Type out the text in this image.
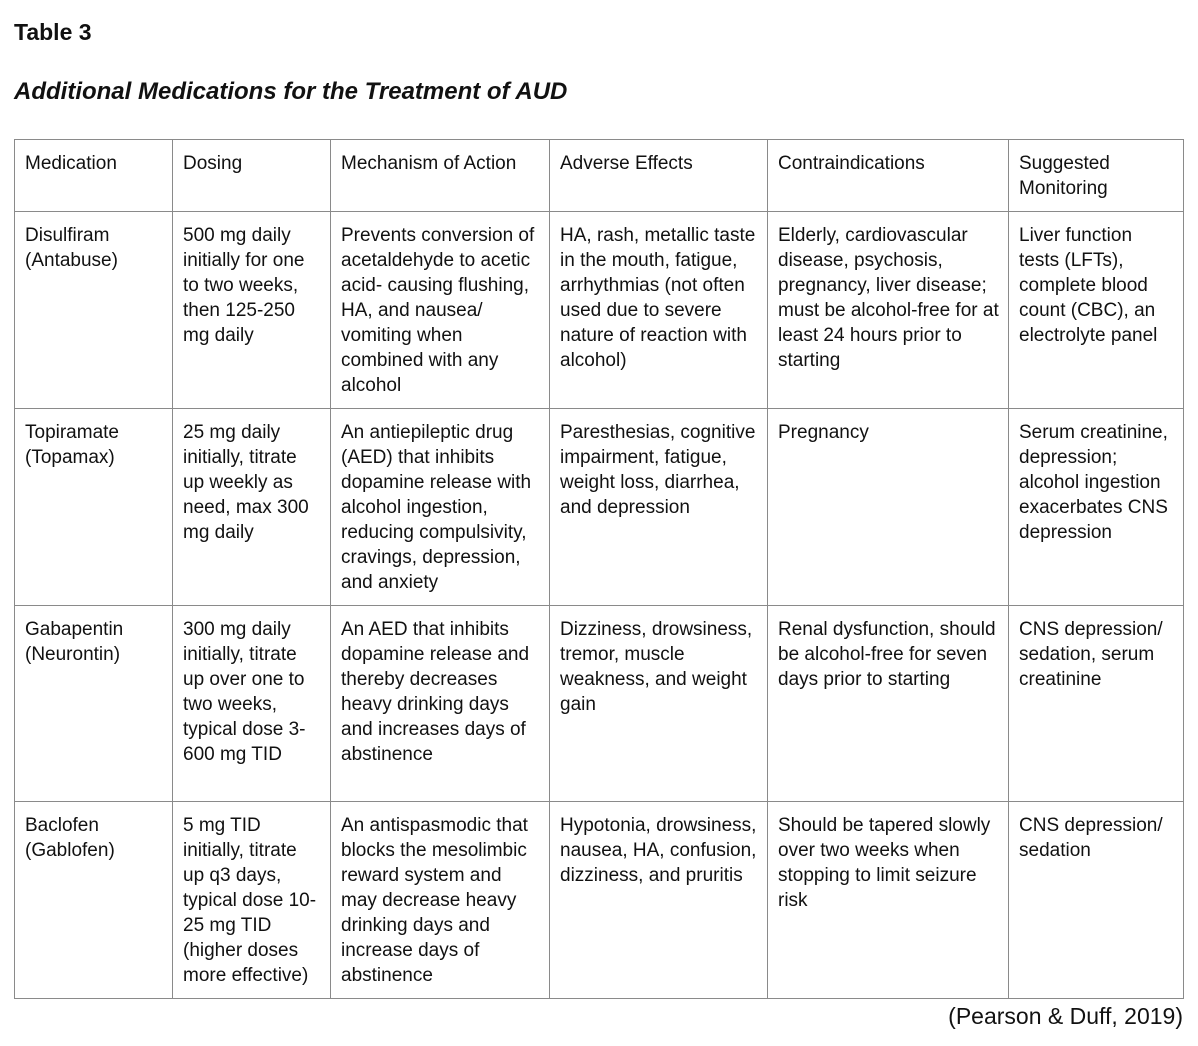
Table 3
Additional Medications for the Treatment of AUD
Medication	Dosing	Mechanism of Action	Adverse Effects	Contraindications	Suggested Monitoring
Disulfiram (Antabuse)	500 mg daily initially for one to two weeks, then 125-250 mg daily	Prevents conversion of acetaldehyde to acetic acid- causing flushing, HA, and nausea/ vomiting when combined with any alcohol	HA, rash, metallic taste in the mouth, fatigue, arrhythmias (not often used due to severe nature of reaction with alcohol)	Elderly, cardiovascular disease, psychosis, pregnancy, liver disease; must be alcohol-free for at least 24 hours prior to starting	Liver function tests (LFTs), complete blood count (CBC), an electrolyte panel
Topiramate (Topamax)	25 mg daily initially, titrate up weekly as need, max 300 mg daily	An antiepileptic drug (AED) that inhibits dopamine release with alcohol ingestion, reducing compulsivity, cravings, depression, and anxiety	Paresthesias, cognitive impairment, fatigue, weight loss, diarrhea, and depression	Pregnancy	Serum creatinine, depression; alcohol ingestion exacerbates CNS depression
Gabapentin (Neurontin)	300 mg daily initially, titrate up over one to two weeks, typical dose 3-600 mg TID	An AED that inhibits dopamine release and thereby decreases heavy drinking days and increases days of abstinence	Dizziness, drowsiness, tremor, muscle weakness, and weight gain	Renal dysfunction, should be alcohol-free for seven days prior to starting	CNS depression/ sedation, serum creatinine
Baclofen (Gablofen)	5 mg TID initially, titrate up q3 days, typical dose 10-25 mg TID (higher doses more effective)	An antispasmodic that blocks the mesolimbic reward system and may decrease heavy drinking days and increase days of abstinence	Hypotonia, drowsiness, nausea, HA, confusion, dizziness, and pruritis	Should be tapered slowly over two weeks when stopping to limit seizure risk	CNS depression/ sedation

(Pearson & Duff, 2019)
